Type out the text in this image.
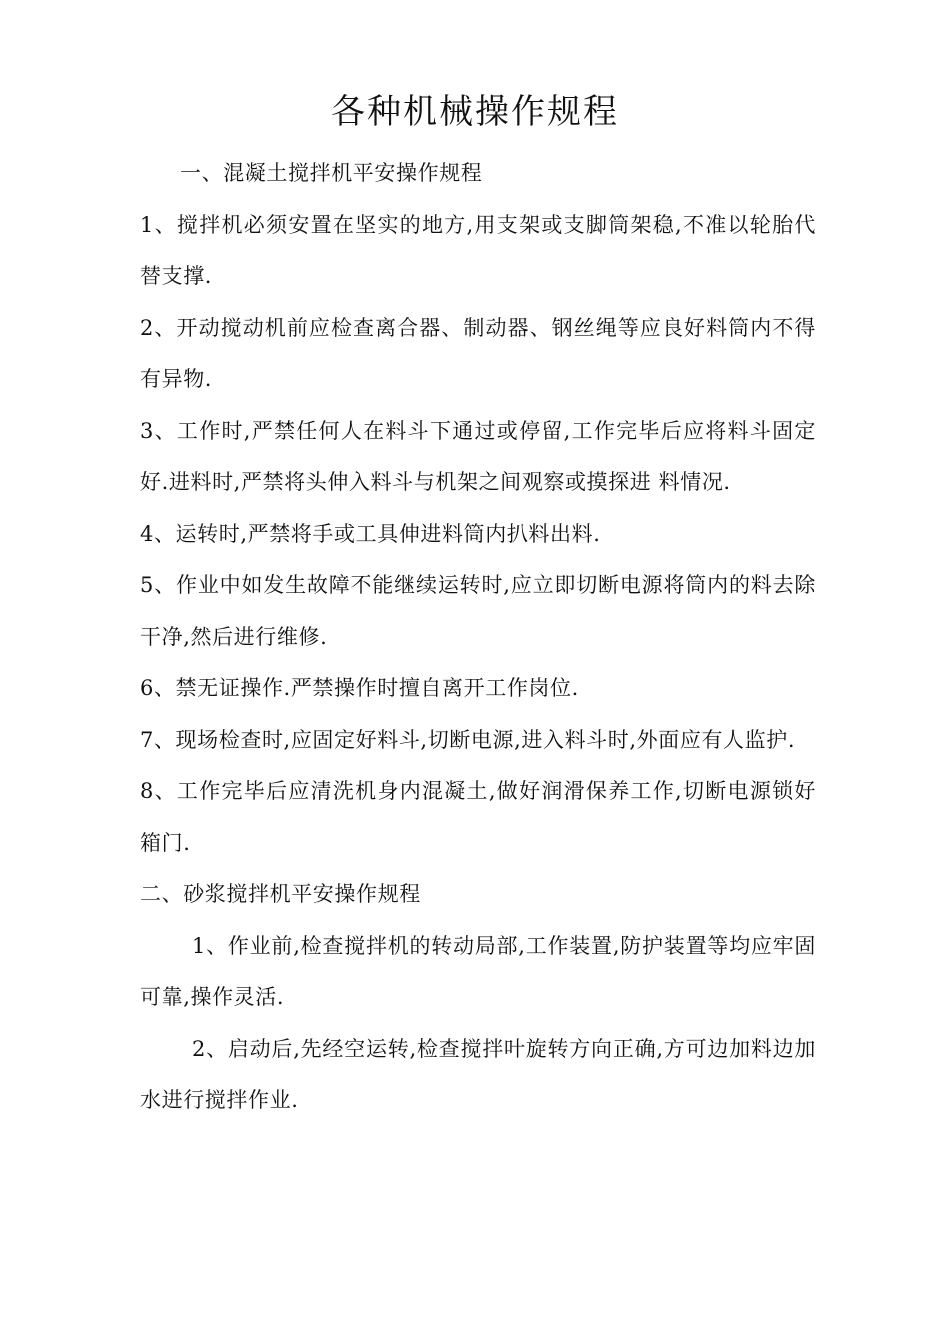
各种机械操作规程

一、混凝土搅拌机平安操作规程

1、搅拌机必须安置在坚实的地方,用支架或支脚筒架稳,不准以轮胎代替支撑.

2、开动搅动机前应检查离合器、制动器、钢丝绳等应良好料筒内不得有异物.

3、工作时,严禁任何人在料斗下通过或停留,工作完毕后应将料斗固定好.进料时,严禁将头伸入料斗与机架之间观察或摸探进 料情况.

4、运转时,严禁将手或工具伸进料筒内扒料出料.

5、作业中如发生故障不能继续运转时,应立即切断电源将筒内的料去除干净,然后进行维修.

6、禁无证操作.严禁操作时擅自离开工作岗位.

7、现场检查时,应固定好料斗,切断电源,进入料斗时,外面应有人监护.

8、工作完毕后应清洗机身内混凝土,做好润滑保养工作,切断电源锁好箱门.

二、砂浆搅拌机平安操作规程

1、作业前,检查搅拌机的转动局部,工作装置,防护装置等均应牢固可靠,操作灵活.

2、启动后,先经空运转,检查搅拌叶旋转方向正确,方可边加料边加水进行搅拌作业.
